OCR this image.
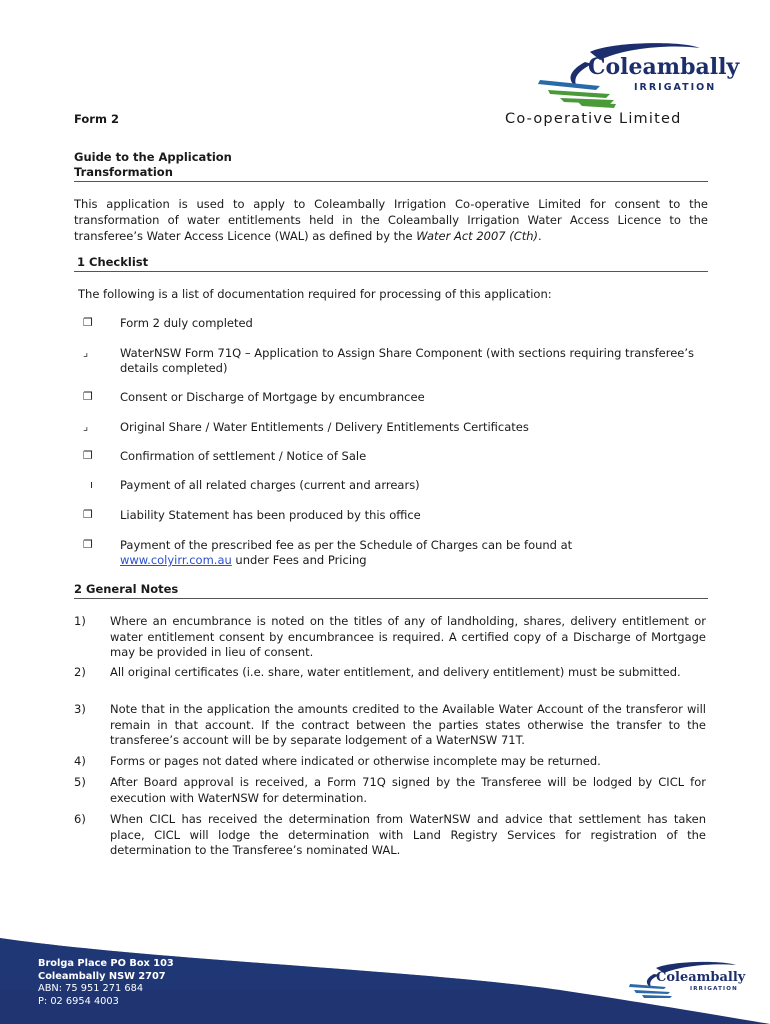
Coleambally
IRRIGATION
Co-operative Limited
Form 2
Guide to the Application
Transformation
This application is used to apply to Coleambally Irrigation Co-operative Limited for consent to the transformation of water entitlements held in the Coleambally Irrigation Water Access Licence to the transferee’s Water Access Licence (WAL) as defined by the Water Act 2007 (Cth).
1 Checklist
The following is a list of documentation required for processing of this application:
❐ Form 2 duly completed
⌟	WaterNSW Form 71Q – Application to Assign Share Component (with sections requiring transferee’s details completed)
❐ Consent or Discharge of Mortgage by encumbrancee
⌟	Original Share / Water Entitlements / Delivery Entitlements Certificates
❐ Confirmation of settlement / Notice of Sale
ı Payment of all related charges (current and arrears)
❐ Liability Statement has been produced by this office
❐ Payment of the prescribed fee as per the Schedule of Charges can be found at
www.colyirr.com.au under Fees and Pricing
2 General Notes
1) Where an encumbrance is noted on the titles of any of landholding, shares, delivery entitlement or water entitlement consent by encumbrancee is required. A certified copy of a Discharge of Mortgage may be provided in lieu of consent.
2) All original certificates (i.e. share, water entitlement, and delivery entitlement) must be submitted.
3) Note that in the application the amounts credited to the Available Water Account of the transferor will remain in that account. If the contract between the parties states otherwise the transfer to the transferee’s account will be by separate lodgement of a WaterNSW 71T.
4) Forms or pages not dated where indicated or otherwise incomplete may be returned.
5) After Board approval is received, a Form 71Q signed by the Transferee will be lodged by CICL for execution with WaterNSW for determination.
6) When CICL has received the determination from WaterNSW and advice that settlement has taken place, CICL will lodge the determination with Land Registry Services for registration of the determination to the Transferee’s nominated WAL.
Brolga Place PO Box 103
Coleambally NSW 2707
ABN: 75 951 271 684
P: 02 6954 4003
Coleambally
IRRIGATION
